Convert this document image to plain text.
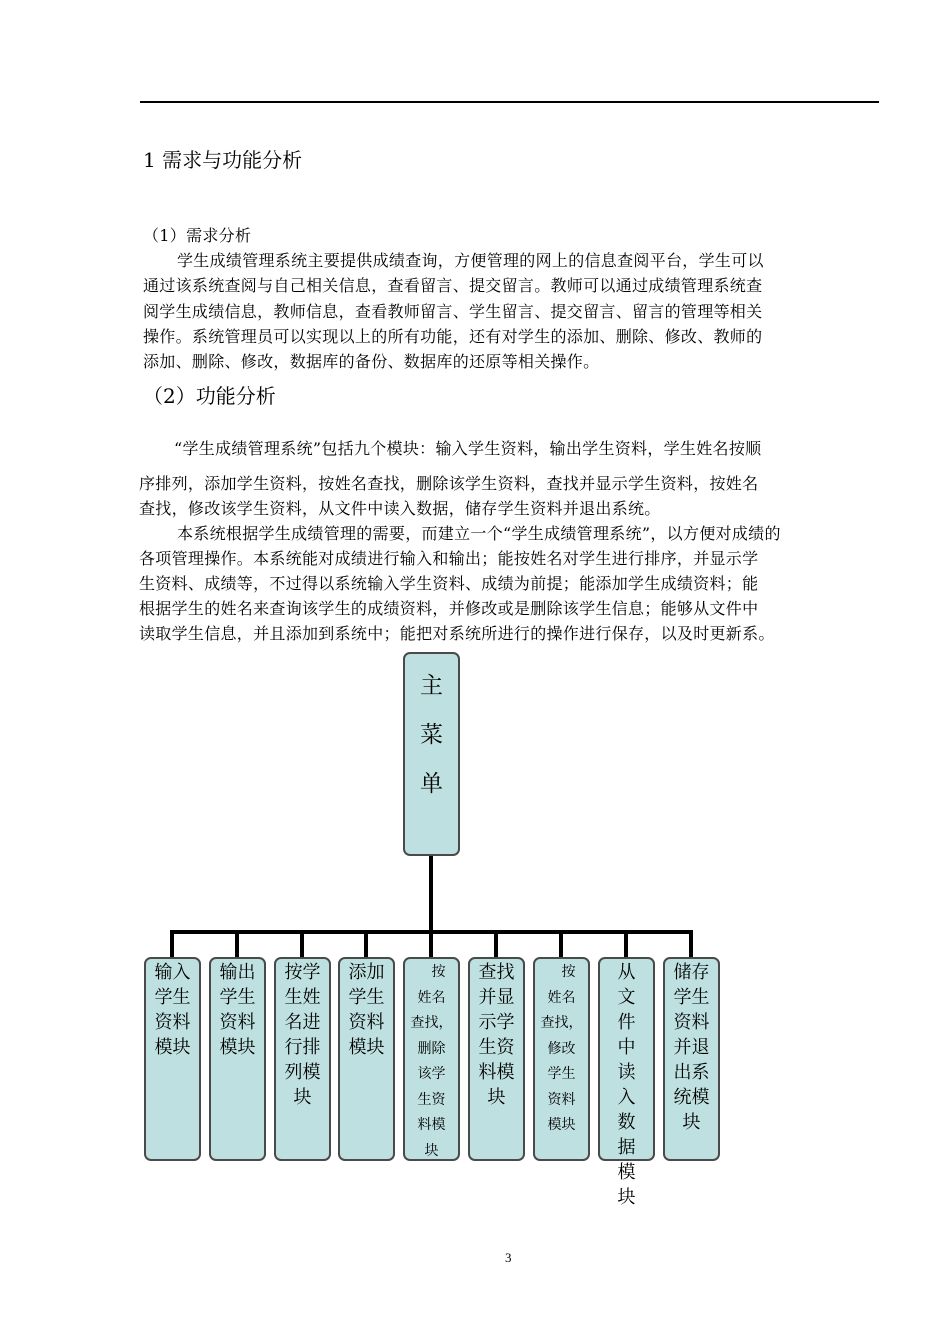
1 需求与功能分析
（1）需求分析
学生成绩管理系统主要提供成绩查询，方便管理的网上的信息查阅平台，学生可以
通过该系统查阅与自己相关信息，查看留言、提交留言。教师可以通过成绩管理系统查
阅学生成绩信息，教师信息，查看教师留言、学生留言、提交留言、留言的管理等相关
操作。系统管理员可以实现以上的所有功能，还有对学生的添加、删除、修改、教师的
添加、删除、修改，数据库的备份、数据库的还原等相关操作。
（2）功能分析
“学生成绩管理系统”包括九个模块：输入学生资料，输出学生资料，学生姓名按顺
序排列，添加学生资料，按姓名查找，删除该学生资料，查找并显示学生资料，按姓名
查找，修改该学生资料，从文件中读入数据，储存学生资料并退出系统。
本系统根据学生成绩管理的需要，而建立一个“学生成绩管理系统”，以方便对成绩的
各项管理操作。本系统能对成绩进行输入和输出；能按姓名对学生进行排序，并显示学
生资料、成绩等，不过得以系统输入学生资料、成绩为前提；能添加学生成绩资料；能
根据学生的姓名来查询该学生的成绩资料，并修改或是删除该学生信息；能够从文件中
读取学生信息，并且添加到系统中；能把对系统所进行的操作进行保存，以及时更新系。
主
菜
单
输入
学生
资料
模块
输出
学生
资料
模块
按学
生姓
名进
行排
列模
块
添加
学生
资料
模块
　按
姓名
查找，
删除
该学
生资
料模
块
查找
并显
示学
生资
料模
块
　按
姓名
查找，
修改
学生
资料
模块
从　文
件　中
读　入
数　据
模　块
储存
学生
资料
并退
出系
统模
块
3
